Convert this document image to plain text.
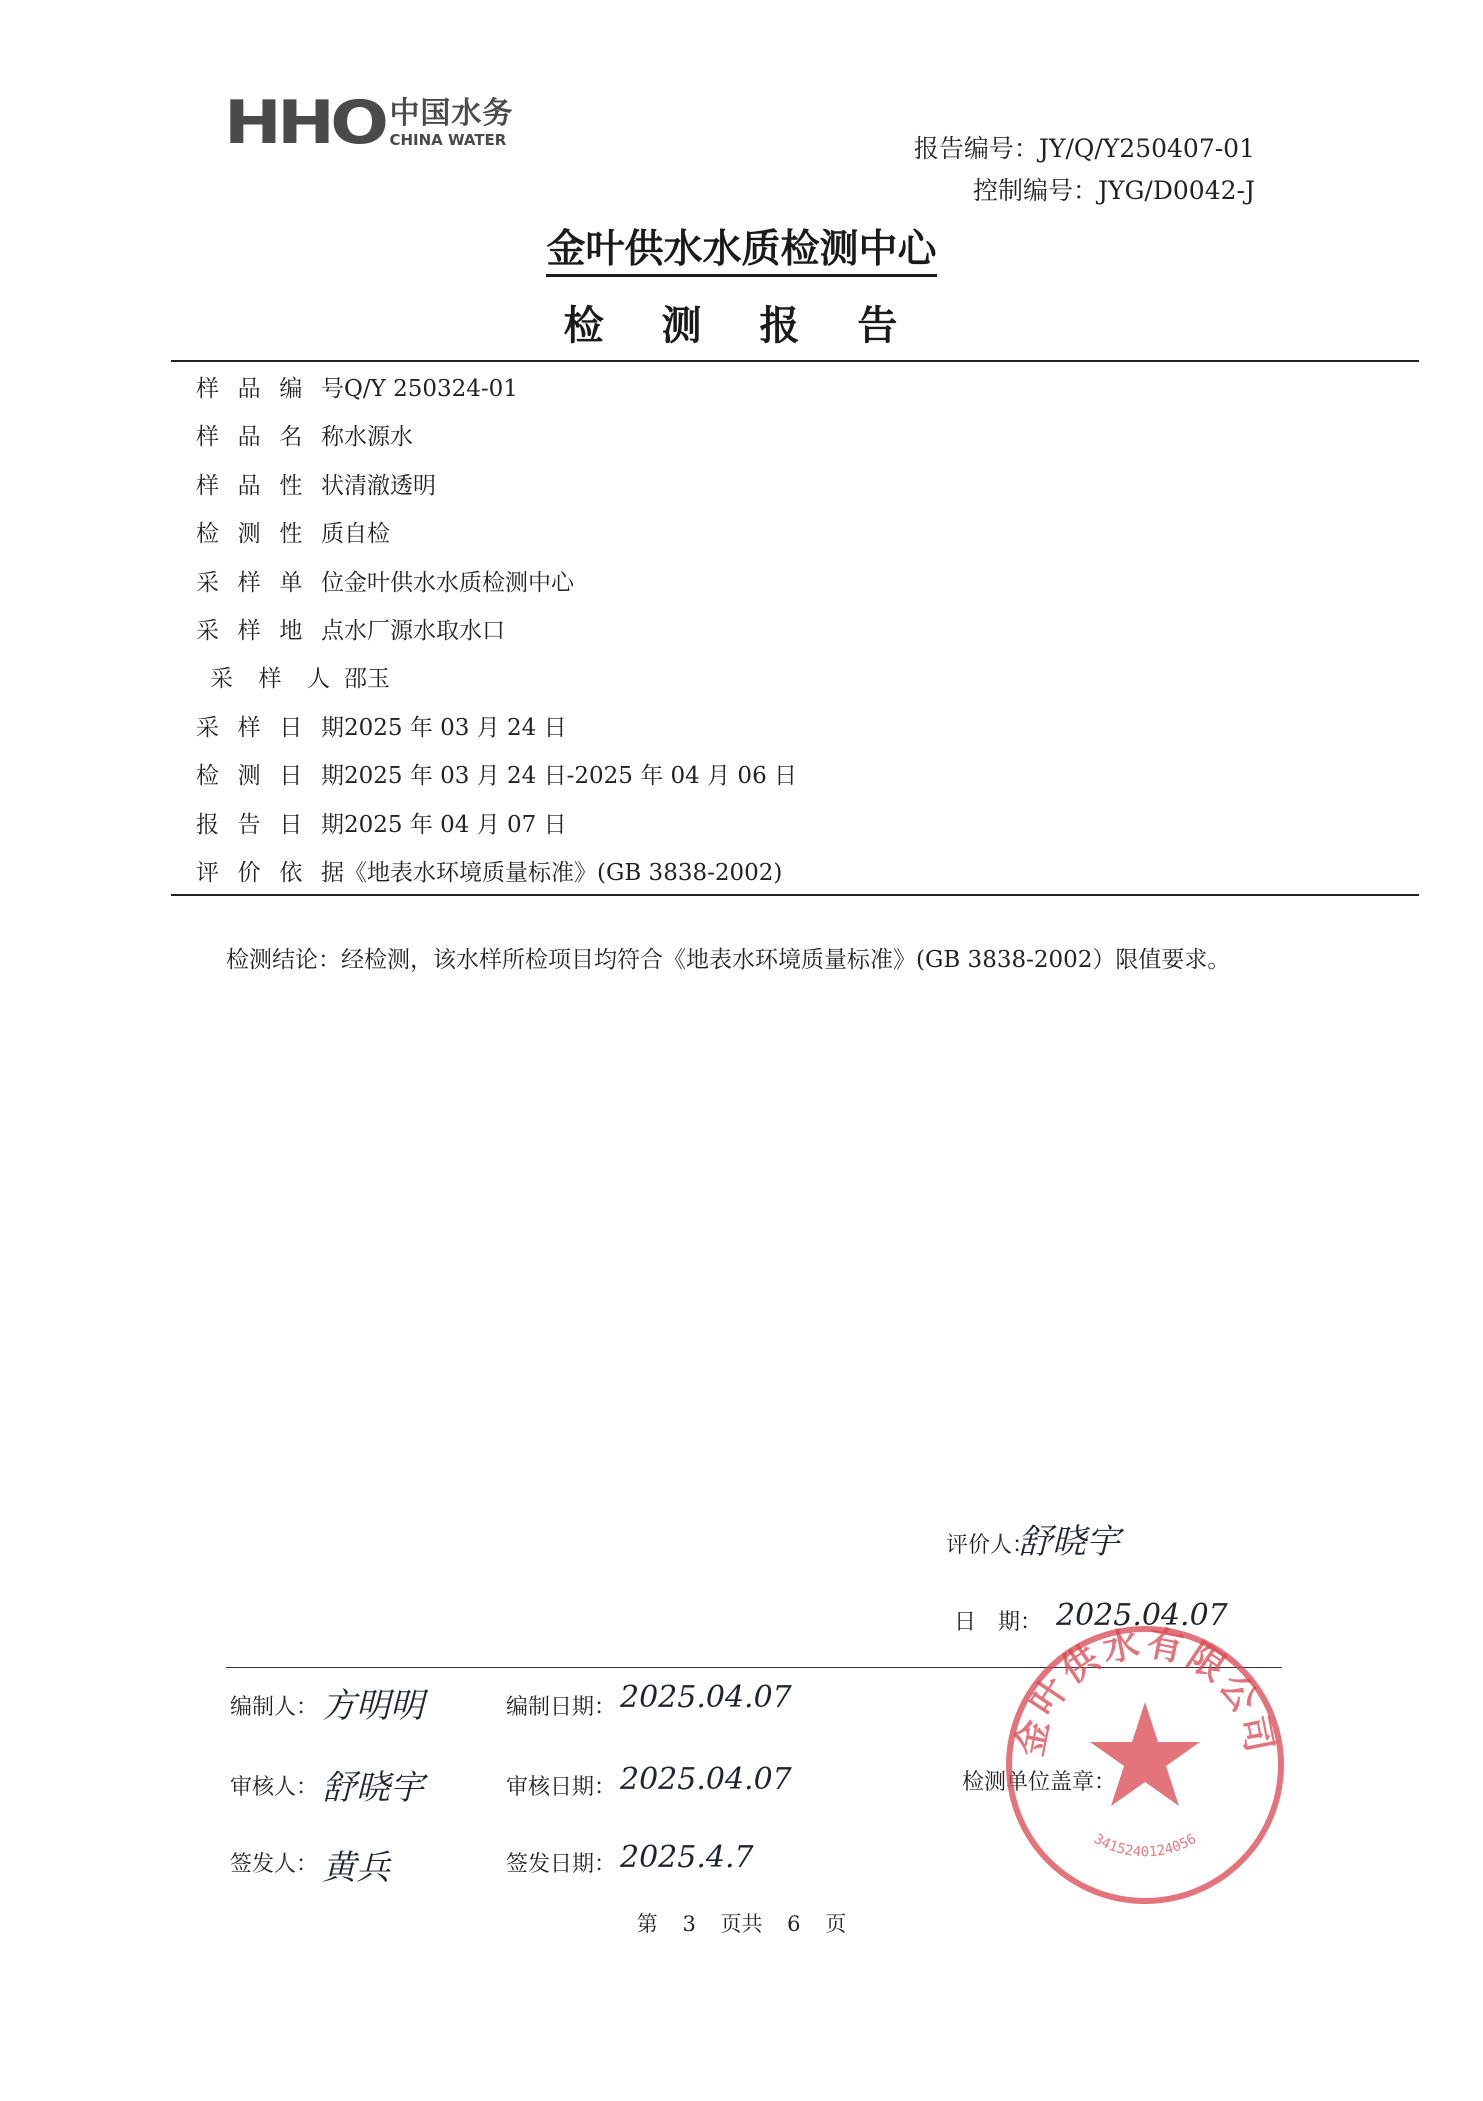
HHO 中国水务
CHINA WATER	报告编号：JY/Q/Y250407-01
控制编号：JYG/D0042-J
金叶供水水质检测中心
检 测 报 告
样品编号 Q/Y 250324-01
样品名称 水源水
样品性状 清澈透明
检测性质 自检
采样单位 金叶供水水质检测中心
采样地点 水厂源水取水口
采样人 邵玉
采样日期 2025 年 03 月 24 日
检测日期 2025 年 03 月 24 日-2025 年 04 月 06 日
报告日期 2025 年 04 月 07 日
评价依据 《地表水环境质量标准》(GB 3838-2002)
检测结论：经检测，该水样所检项目均符合《地表水环境质量标准》(GB 3838-2002）限值要求。
评价人：
舒晓宇
日　期： 2025.04.07
编制人： 方明明	编制日期： 2025.04.07
审核人： 舒晓宇	审核日期： 2025.04.07	检测单位盖章：
签发人： 黄兵	签发日期： 2025.4.7
金叶供水有限公司
3415240124056
第 3 页共 6 页
